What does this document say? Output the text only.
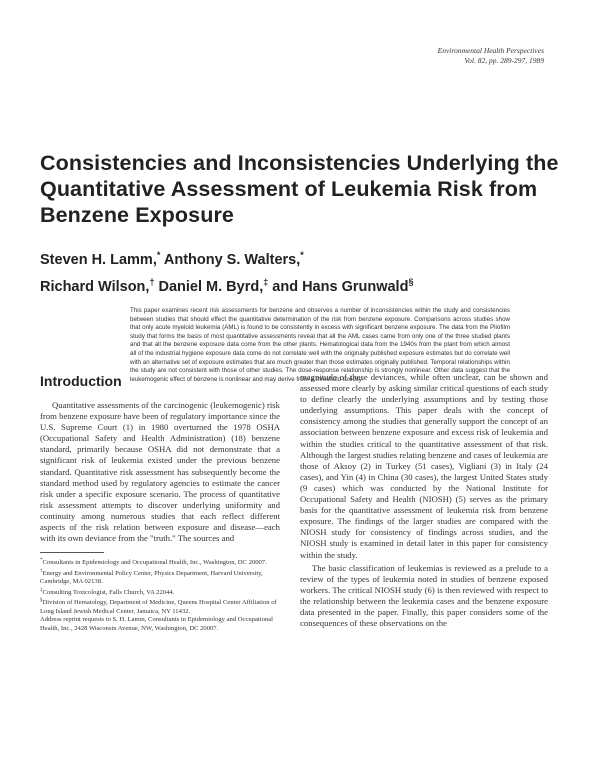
Environmental Health Perspectives
Vol. 82, pp. 289-297, 1989
Consistencies and Inconsistencies Underlying the Quantitative Assessment of Leukemia Risk from Benzene Exposure
Steven H. Lamm,* Anthony S. Walters,*
Richard Wilson,† Daniel M. Byrd,‡ and Hans Grunwald§

This paper examines recent risk assessments for benzene and observes a number of inconsistencies within the study and consistencies between studies that should effect the quantitative determination of the risk from benzene exposure. Comparisons across studies show that only acute myeloid leukemia (AML) is found to be consistently in excess with significant benzene exposure. The data from the Pliofilm study that forms the basis of most quantitative assessments reveal that all the AML cases came from only one of the three studied plants and that all the benzene exposure data come from the other plants. Hematological data from the 1940s from the plant from which almost all of the industrial hygiene exposure data come do not correlate well with the originally published exposure estimates but do correlate well with an alternative set of exposure estimates that are much greater than those estimates originally published. Temporal relationships within the study are not consistent with those of other studies. The dose-response relationship is strongly nonlinear. Other data suggest that the leukemogenic effect of benzene is nonlinear and may derive from a threshold toxicity.

Introduction

Quantitative assessments of the carcinogenic (leukemogenic) risk from benzene exposure have been of regulatory importance since the U.S. Supreme Court (1) in 1980 overturned the 1978 OSHA (Occupational Safety and Health Administration) (18) benzene standard, primarily because OSHA did not demonstrate that a significant risk of leukemia existed under the previous benzene standard. Quantitative risk assessment has subsequently become the standard method used by regulatory agencies to estimate the cancer risk under a specific exposure scenario. The process of quantitative risk assessment attempts to discover underlying uniformity and continuity among numerous studies that each reflect different aspects of the risk relation between exposure and disease—each with its own deviance from the "truth." The sources and

*Consultants in Epidemiology and Occupational Health, Inc., Washington, DC 20007.

†Energy and Environmental Policy Center, Physics Department, Harvard University, Cambridge, MA 02138.

‡Consulting Toxicologist, Falls Church, VA 22044.

§Division of Hematology, Department of Medicine, Queens Hospital Center Affiliation of Long Island Jewish Medical Center, Jamaica, NY 11432.

Address reprint requests to S. H. Lamm, Consultants in Epidemiology and Occupational Health, Inc., 2428 Wisconsin Avenue, NW, Washington, DC 20007.

magnitude of these deviances, while often unclear, can be shown and assessed more clearly by asking similar critical questions of each study to define clearly the underlying assumptions and by testing those underlying assumptions. This paper deals with the concept of consistency among the studies that generally support the concept of an association between benzene exposure and excess risk of leukemia and within the studies critical to the quantitative assessment of that risk. Although the largest studies relating benzene and cases of leukemia are those of Aksoy (2) in Turkey (51 cases), Vigliani (3) in Italy (24 cases), and Yin (4) in China (30 cases), the largest United States study (9 cases) which was conducted by the National Institute for Occupational Safety and Health (NIOSH) (5) serves as the primary basis for the quantitative assessment of leukemia risk from benzene exposure. The findings of the larger studies are compared with the NIOSH study for consistency of findings across studies, and the NIOSH study is examined in detail later in this paper for consistency within the study.

The basic classification of leukemias is reviewed as a prelude to a review of the types of leukemia noted in studies of benzene exposed workers. The critical NIOSH study (6) is then reviewed with respect to the relationship between the leukemia cases and the benzene exposure data presented in the paper. Finally, this paper considers some of the consequences of these observations on the
